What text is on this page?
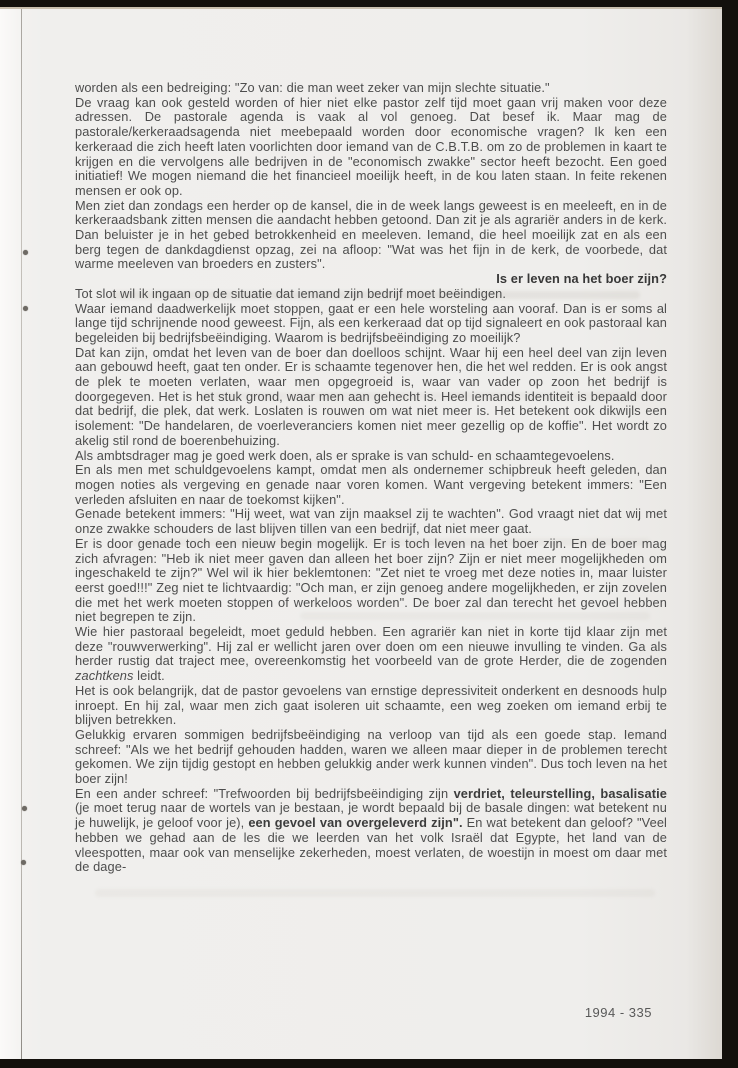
worden als een bedreiging: "Zo van: die man weet zeker van mijn slechte situatie."

De vraag kan ook gesteld worden of hier niet elke pastor zelf tijd moet gaan vrij maken voor deze adressen. De pastorale agenda is vaak al vol genoeg. Dat besef ik. Maar mag de pastorale/kerkeraadsagenda niet meebepaald worden door economische vragen? Ik ken een kerkeraad die zich heeft laten voorlichten door iemand van de C.B.T.B. om zo de problemen in kaart te krijgen en die vervolgens alle bedrijven in de "economisch zwakke" sector heeft bezocht. Een goed initiatief! We mogen niemand die het financieel moeilijk heeft, in de kou laten staan. In feite rekenen mensen er ook op.

Men ziet dan zondags een herder op de kansel, die in de week langs geweest is en meeleeft, en in de kerkeraadsbank zitten mensen die aandacht hebben getoond. Dan zit je als agrariër anders in de kerk. Dan beluister je in het gebed betrokkenheid en meeleven. Iemand, die heel moeilijk zat en als een berg tegen de dankdagdienst opzag, zei na afloop: "Wat was het fijn in de kerk, de voorbede, dat warme meeleven van broeders en zusters".

Is er leven na het boer zijn?

Tot slot wil ik ingaan op de situatie dat iemand zijn bedrijf moet beëindigen.

Waar iemand daadwerkelijk moet stoppen, gaat er een hele worsteling aan vooraf. Dan is er soms al lange tijd schrijnende nood geweest. Fijn, als een kerkeraad dat op tijd signaleert en ook pastoraal kan begeleiden bij bedrijfsbeëindiging. Waarom is bedrijfsbeëindiging zo moeilijk?

Dat kan zijn, omdat het leven van de boer dan doelloos schijnt. Waar hij een heel deel van zijn leven aan gebouwd heeft, gaat ten onder. Er is schaamte tegenover hen, die het wel redden. Er is ook angst de plek te moeten verlaten, waar men opgegroeid is, waar van vader op zoon het bedrijf is doorgegeven. Het is het stuk grond, waar men aan gehecht is. Heel iemands identiteit is bepaald door dat bedrijf, die plek, dat werk. Loslaten is rouwen om wat niet meer is. Het betekent ook dikwijls een isolement: "De handelaren, de voerleveranciers komen niet meer gezellig op de koffie". Het wordt zo akelig stil rond de boerenbehuizing.

Als ambtsdrager mag je goed werk doen, als er sprake is van schuld- en schaamtegevoelens.

En als men met schuldgevoelens kampt, omdat men als ondernemer schipbreuk heeft geleden, dan mogen noties als vergeving en genade naar voren komen. Want vergeving betekent immers: "Een verleden afsluiten en naar de toekomst kijken".

Genade betekent immers: "Hij weet, wat van zijn maaksel zij te wachten". God vraagt niet dat wij met onze zwakke schouders de last blijven tillen van een bedrijf, dat niet meer gaat.

Er is door genade toch een nieuw begin mogelijk. Er is toch leven na het boer zijn. En de boer mag zich afvragen: "Heb ik niet meer gaven dan alleen het boer zijn? Zijn er niet meer mogelijkheden om ingeschakeld te zijn?" Wel wil ik hier beklemtonen: "Zet niet te vroeg met deze noties in, maar luister eerst goed!!!" Zeg niet te lichtvaardig: "Och man, er zijn genoeg andere mogelijkheden, er zijn zovelen die met het werk moeten stoppen of werkeloos worden". De boer zal dan terecht het gevoel hebben niet begrepen te zijn.

Wie hier pastoraal begeleidt, moet geduld hebben. Een agrariër kan niet in korte tijd klaar zijn met deze "rouwverwerking". Hij zal er wellicht jaren over doen om een nieuwe invulling te vinden. Ga als herder rustig dat traject mee, overeenkomstig het voorbeeld van de grote Herder, die de zogenden zachtkens leidt.

Het is ook belangrijk, dat de pastor gevoelens van ernstige depressiviteit onderkent en desnoods hulp inroept. En hij zal, waar men zich gaat isoleren uit schaamte, een weg zoeken om iemand erbij te blijven betrekken.

Gelukkig ervaren sommigen bedrijfsbeëindiging na verloop van tijd als een goede stap. Iemand schreef: "Als we het bedrijf gehouden hadden, waren we alleen maar dieper in de problemen terecht gekomen. We zijn tijdig gestopt en hebben gelukkig ander werk kunnen vinden". Dus toch leven na het boer zijn!

En een ander schreef: "Trefwoorden bij bedrijfsbeëindiging zijn verdriet, teleurstelling, basalisatie (je moet terug naar de wortels van je bestaan, je wordt bepaald bij de basale dingen: wat betekent nu je huwelijk, je geloof voor je), een gevoel van overgeleverd zijn". En wat betekent dan geloof? "Veel hebben we gehad aan de les die we leerden van het volk Israël dat Egypte, het land van de vleespotten, maar ook van menselijke zekerheden, moest verlaten, de woestijn in moest om daar met de dage-

1994 - 335
